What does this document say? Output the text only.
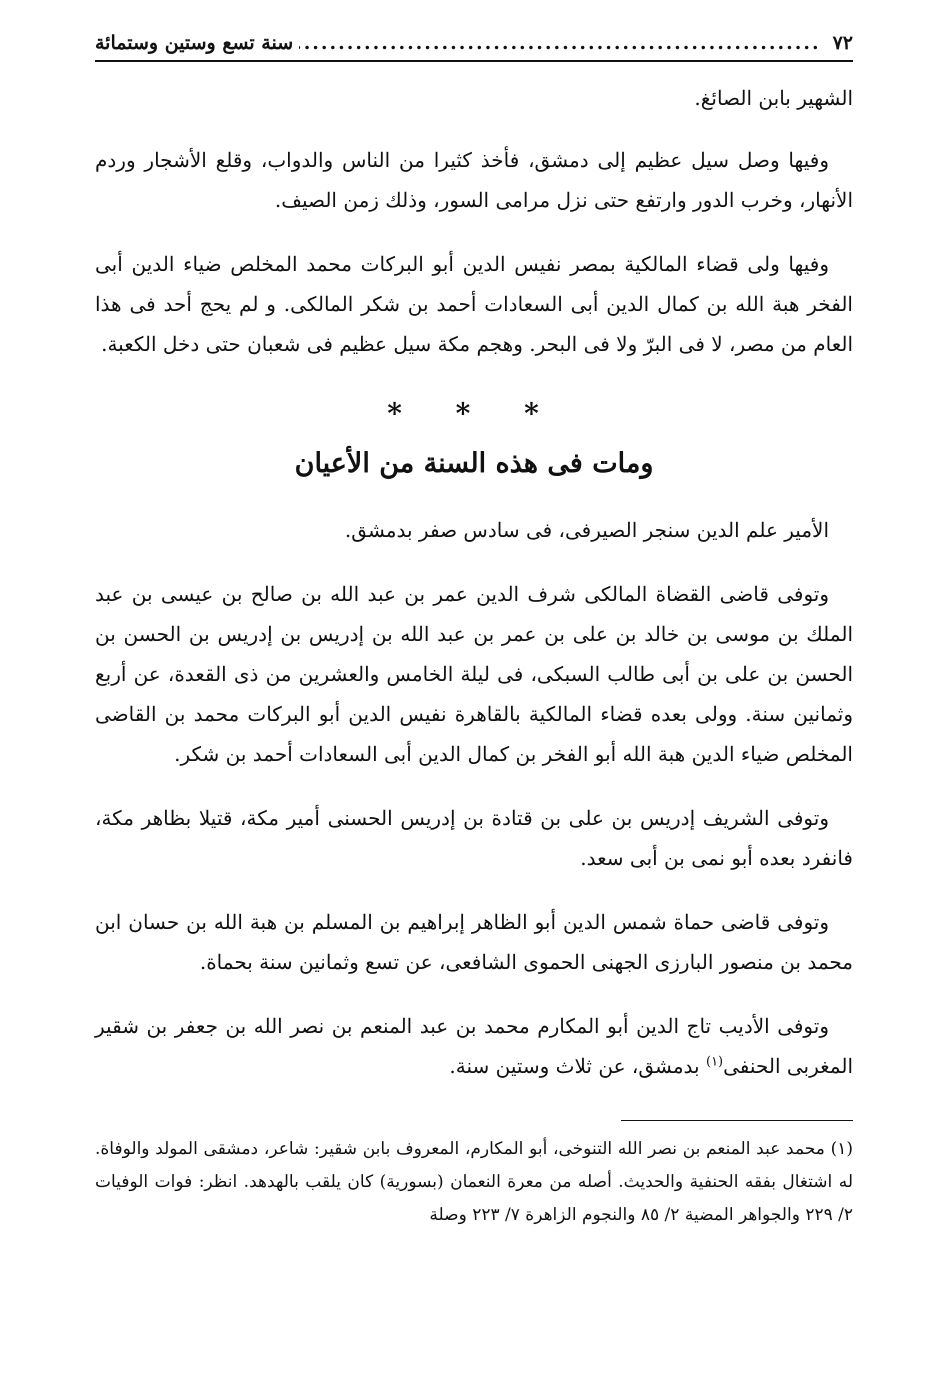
٧٢
.....
سنة تسع وستين وستمائة

الشهير بابن الصائغ.

وفيها وصل سيل عظيم إلى دمشق، فأخذ كثيرا من الناس والدواب، وقلع الأشجار وردم الأنهار، وخرب الدور وارتفع حتى نزل مرامى السور، وذلك زمن الصيف.

وفيها ولى قضاء المالكية بمصر نفيس الدين أبو البركات محمد المخلص ضياء الدين أبى الفخر هبة الله بن كمال الدين أبى السعادات أحمد بن شكر المالكى. و لم يحج أحد فى هذا العام من مصر، لا فى البرّ ولا فى البحر. وهجم مكة سيل عظيم فى شعبان حتى دخل الكعبة.

* * *
ومات فى هذه السنة من الأعيان

الأمير علم الدين سنجر الصيرفى، فى سادس صفر بدمشق.

وتوفى قاضى القضاة المالكى شرف الدين عمر بن عبد الله بن صالح بن عيسى بن عبد الملك بن موسى بن خالد بن على بن عمر بن عبد الله بن إدريس بن إدريس بن الحسن بن الحسن بن على بن أبى طالب السبكى، فى ليلة الخامس والعشرين من ذى القعدة، عن أربع وثمانين سنة. وولى بعده قضاء المالكية بالقاهرة نفيس الدين أبو البركات محمد بن القاضى المخلص ضياء الدين هبة الله أبو الفخر بن كمال الدين أبى السعادات أحمد بن شكر.

وتوفى الشريف إدريس بن على بن قتادة بن إدريس الحسنى أمير مكة، قتيلا بظاهر مكة، فانفرد بعده أبو نمى بن أبى سعد.

وتوفى قاضى حماة شمس الدين أبو الظاهر إبراهيم بن المسلم بن هبة الله بن حسان ابن محمد بن منصور البارزى الجهنى الحموى الشافعى، عن تسع وثمانين سنة بحماة.

وتوفى الأديب تاج الدين أبو المكارم محمد بن عبد المنعم بن نصر الله بن جعفر بن شقير المغربى الحنفى$^{(١)}$ بدمشق، عن ثلاث وستين سنة.

(١) محمد عبد المنعم بن نصر الله التنوخى، أبو المكارم، المعروف بابن شقير: شاعر، دمشقى المولد والوفاة. له اشتغال بفقه الحنفية والحديث. أصله من معرة النعمان (بسورية) كان يلقب بالهدهد. انظر: فوات الوفيات ٢/ ٢٢٩ والجواهر المضية ٢/ ٨٥ والنجوم الزاهرة ٧/ ٢٢٣ وصلة
